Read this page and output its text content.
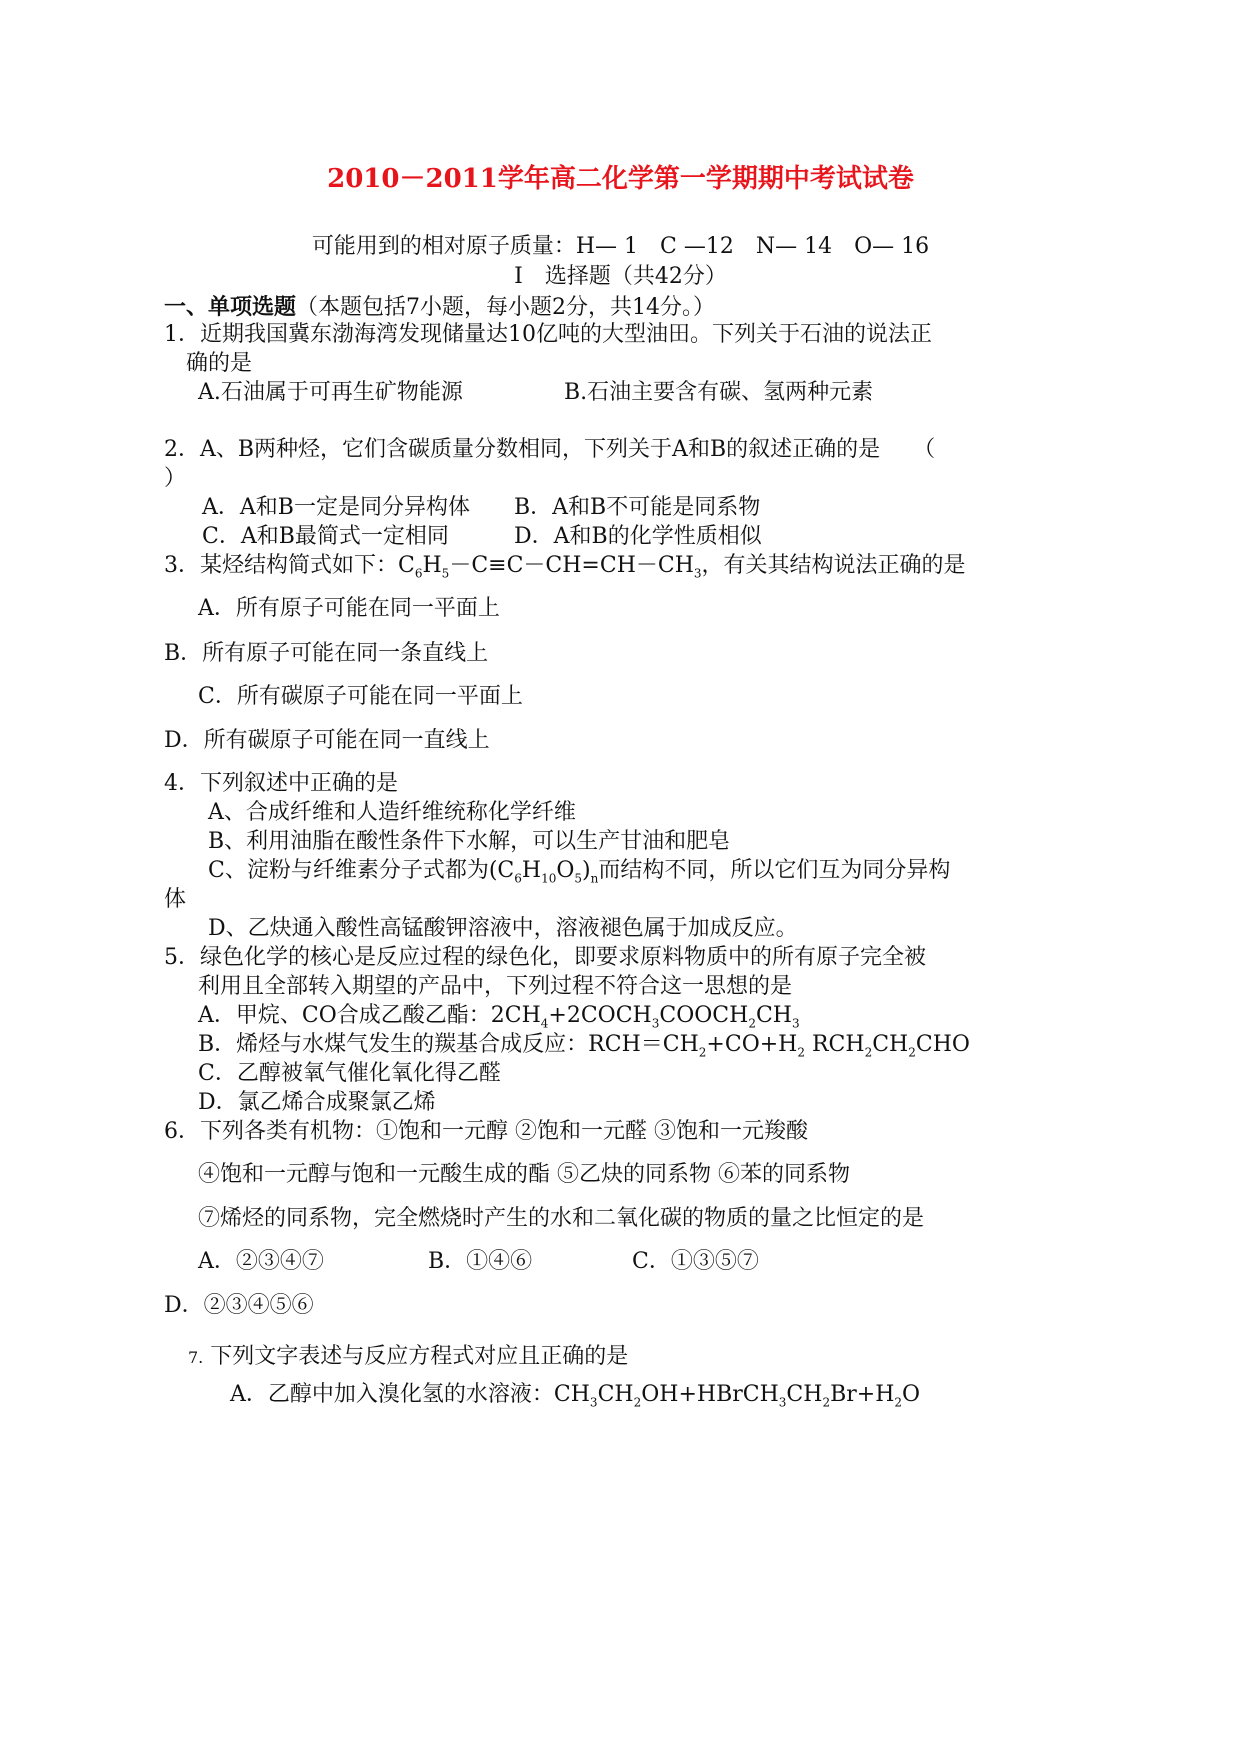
2010－2011学年高二化学第一学期期中考试试卷
可能用到的相对原子质量：H— 1　C —12　N— 14　O— 16
Ⅰ　选择题（共42分）
一、单项选题（本题包括7小题，每小题2分，共14分。）
1．近期我国冀东渤海湾发现储量达10亿吨的大型油田。下列关于石油的说法正
确的是
A.石油属于可再生矿物能源	B.石油主要含有碳、氢两种元素
2．A、B两种烃，它们含碳质量分数相同，下列关于A和B的叙述正确的是　　（
）
A．A和B一定是同分异构体 B．A和B不可能是同系物
C．A和B最简式一定相同	D．A和B的化学性质相似
3．某烃结构简式如下：$C_6H_5-C\equiv C-CH=CH-CH_3$，有关其结构说法正确的是
A．所有原子可能在同一平面上
B．所有原子可能在同一条直线上
C．所有碳原子可能在同一平面上
D．所有碳原子可能在同一直线上
4．下列叙述中正确的是
A、合成纤维和人造纤维统称化学纤维
B、利用油脂在酸性条件下水解，可以生产甘油和肥皂
C、淀粉与纤维素分子式都为$(C_6H_{10}O_5)_n$而结构不同，所以它们互为同分异构
体
D、乙炔通入酸性高锰酸钾溶液中，溶液褪色属于加成反应。
5．绿色化学的核心是反应过程的绿色化，即要求原料物质中的所有原子完全被
利用且全部转入期望的产品中，下列过程不符合这一思想的是
A．甲烷、CO合成乙酸乙酯：$2CH_4+2COCH_3COOCH_2CH_3$
B．烯烃与水煤气发生的羰基合成反应：$RCH=CH_2+CO+H_2$ $RCH_2CH_2CHO$
C．乙醇被氧气催化氧化得乙醛
D．氯乙烯合成聚氯乙烯
6．下列各类有机物：①饱和一元醇 ②饱和一元醛 ③饱和一元羧酸
④饱和一元醇与饱和一元酸生成的酯 ⑤乙炔的同系物 ⑥苯的同系物
⑦烯烃的同系物，完全燃烧时产生的水和二氧化碳的物质的量之比恒定的是
A．②③④⑦	B．①④⑥	C．①③⑤⑦
D．②③④⑤⑥
7. 下列文字表述与反应方程式对应且正确的是
A．乙醇中加入溴化氢的水溶液：$CH_3CH_2OH+HBrCH_3CH_2Br+H_2O$
